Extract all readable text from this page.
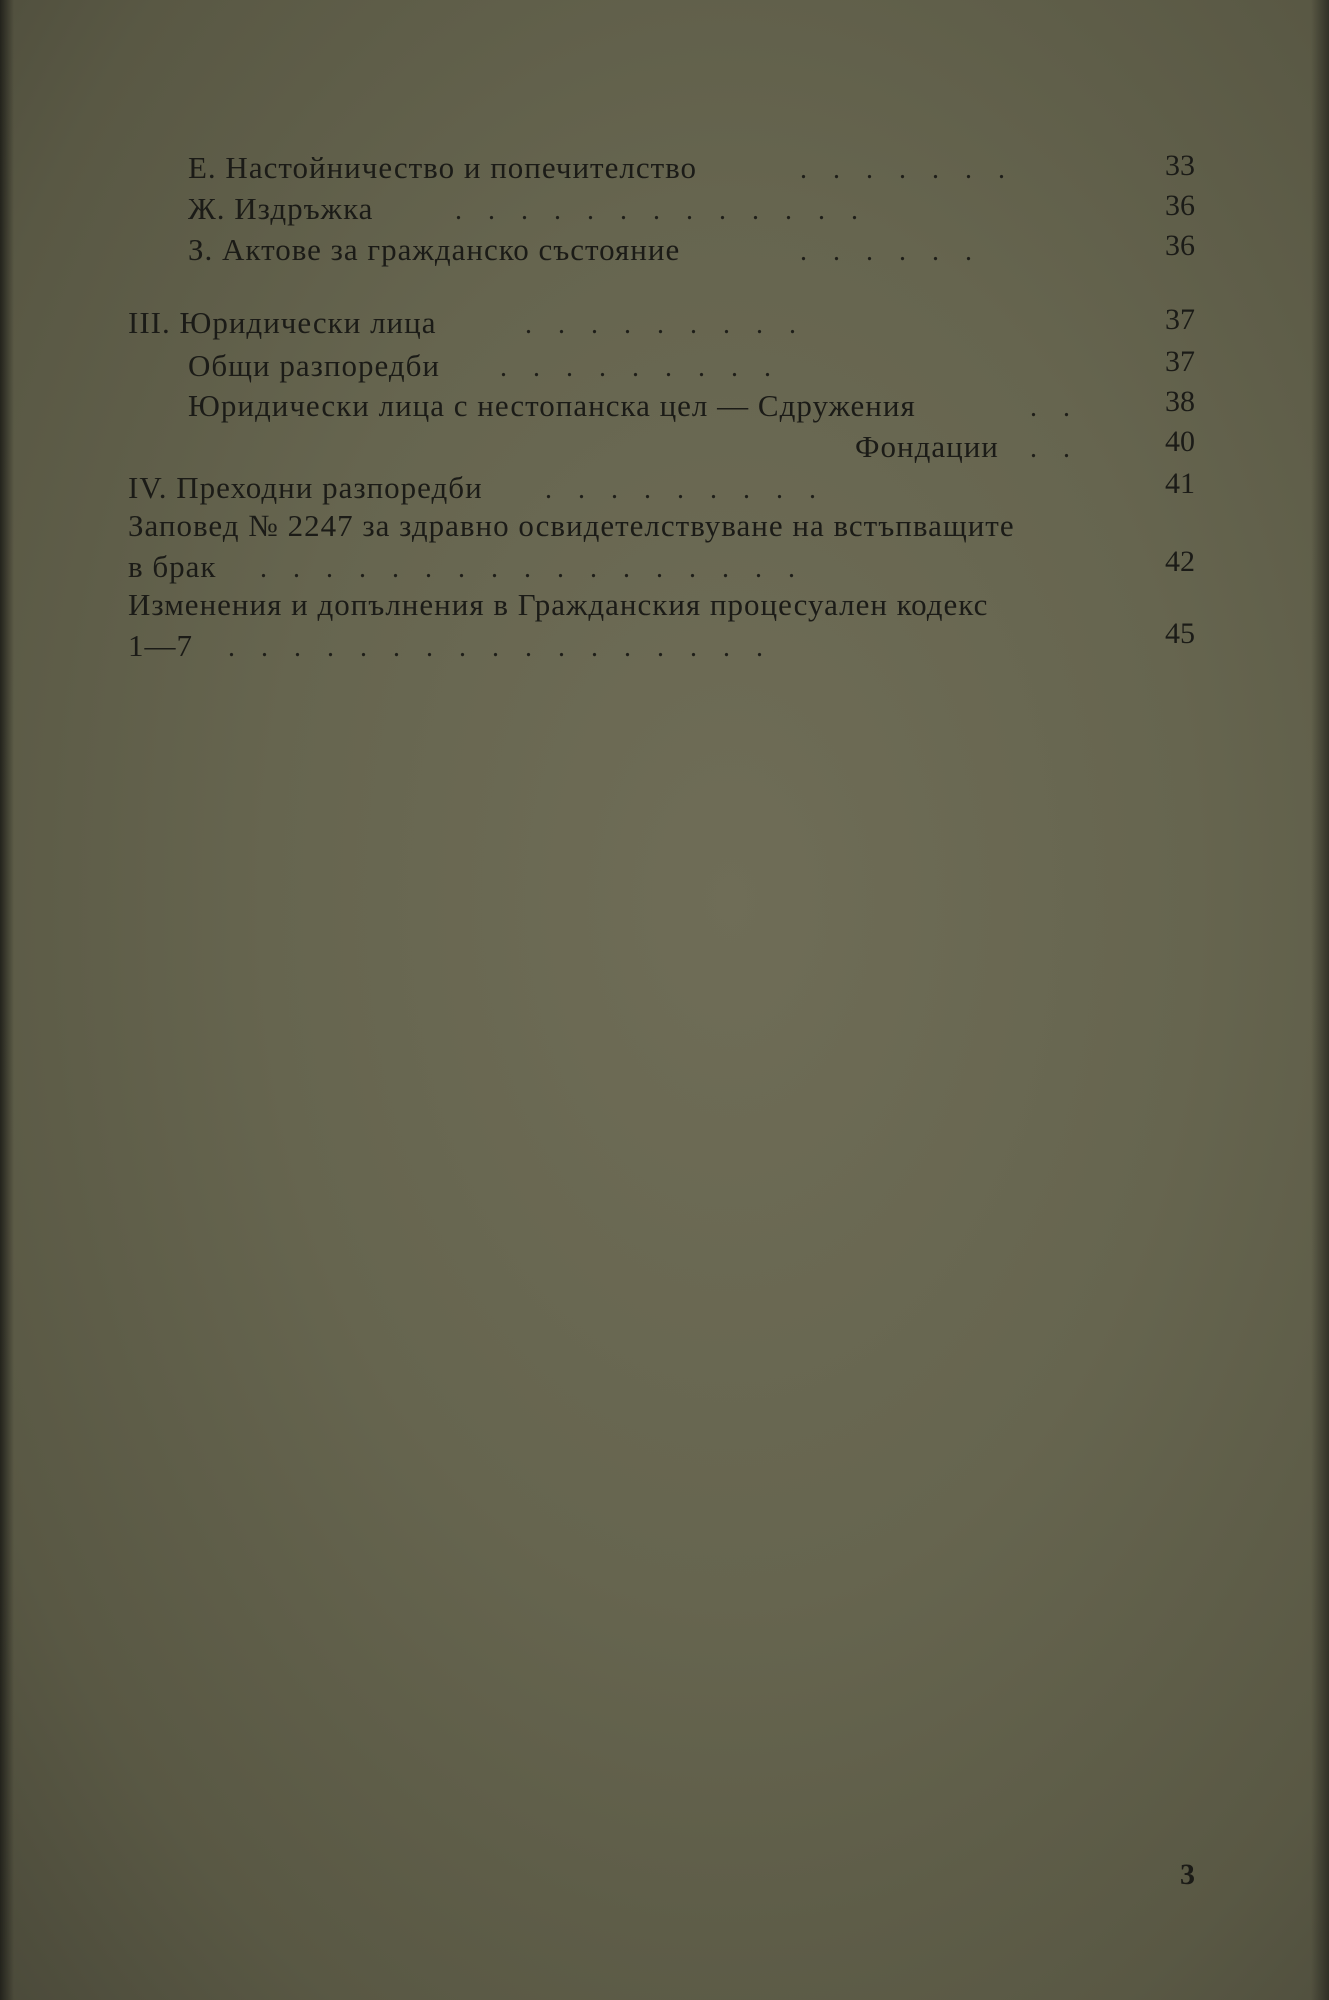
Е. Настойничество и попечителство	.......	33
Ж. Издръжка	.............	36
З. Актове за гражданско състояние	......	36
III. Юридически лица	.........	37
Общи разпоредби .........	37
Юридически лица с нестопанска цел — Сдружения	..	38
Фондации ..	40
IV. Преходни разпоредби .........	41
Заповед № 2247 за здравно освидетелствуване на встъпващите
в брак .................	42
Изменения и допълнения в Гражданския процесуален кодекс
1—7 .................	45
3
